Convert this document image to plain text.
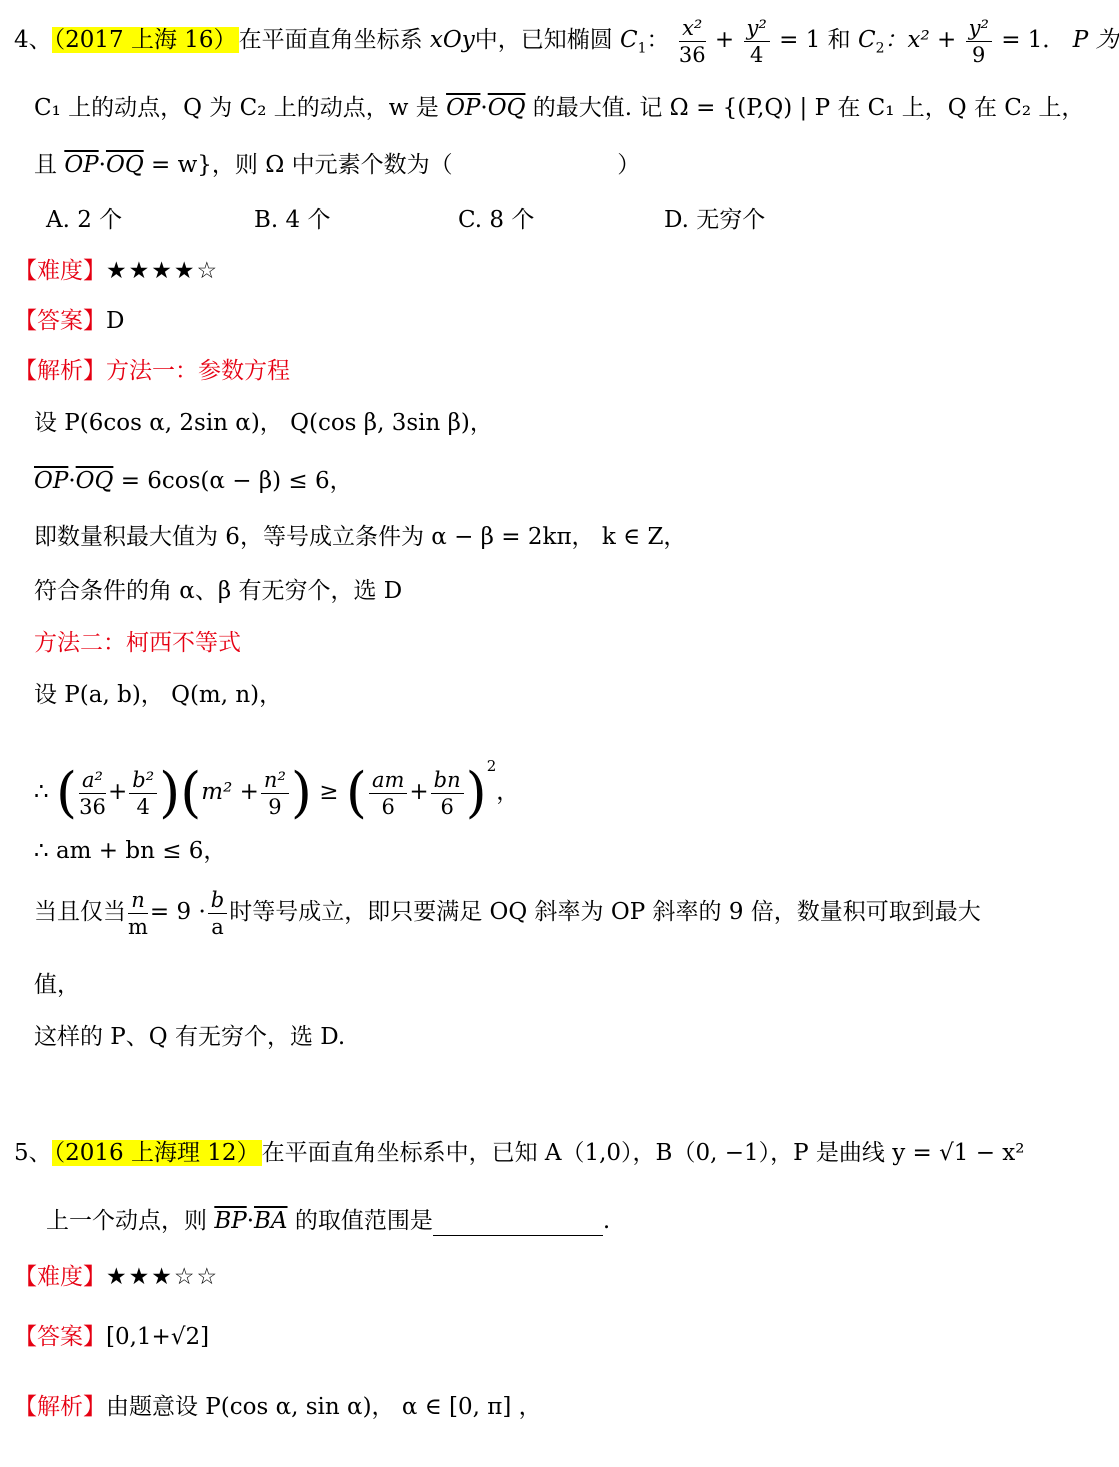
4、（2017 上海 16）在平面直角坐标系 xOy中，已知椭圆 $C_1$： $\frac{\text{x²}}{36} + \frac{\text{y²}}{4} = 1$ 和 $C_2$：$x^2 + \frac{\text{y²}}{9} = 1$． P 为
C₁ 上的动点，Q 为 C₂ 上的动点，w 是 $\overline{OP}\cdot\overline{OQ}$ 的最大值. 记 Ω = {(P,Q) | P 在 C₁ 上，Q 在 C₂ 上，
且 $\overline{OP}\cdot\overline{OQ} = w$}，则 Ω 中元素个数为（	）
A. 2 个	B. 4 个	C. 8 个	D. 无穷个
【难度】★★★★☆
【答案】D
【解析】方法一：参数方程
设 P(6cos α, 2sin α)， Q(cos β, 3sin β)，
$\overline{OP}\cdot\overline{OQ} = 6\cos(\alpha - \beta) \le 6$，
即数量积最大值为 6，等号成立条件为 α − β = 2kπ， k ∈ Z，
符合条件的角 α、β 有无穷个，选 D
方法二：柯西不等式
设 P(a, b)， Q(m, n)，
∴ ( $\frac{\text{a²}}{36} + \frac{\text{b²}}{4} )(m^2 + \frac{\text{n²}}{9}$ ) ≥ ( $\frac{am}{6} + \frac{bn}{6} )^2$，
∴ am + bn ≤ 6，
当且仅当 $\frac{n}{m} = 9 \cdot \frac{b}{a}$ 时等号成立，即只要满足 OQ 斜率为 OP 斜率的 9 倍，数量积可取到最大
值，
这样的 P、Q 有无穷个，选 D.
5、（2016 上海理 12）在平面直角坐标系中，已知 A（1,0），B（0, −1），P 是曲线 y = √1 − x²
上一个动点，则 $\overline{BP}\cdot\overline{BA}$ 的取值范围是	.
【难度】★★★☆☆
【答案】[0,1+√2]
【解析】由题意设 P(cos α, sin α)， α ∈ [0, π] ，
